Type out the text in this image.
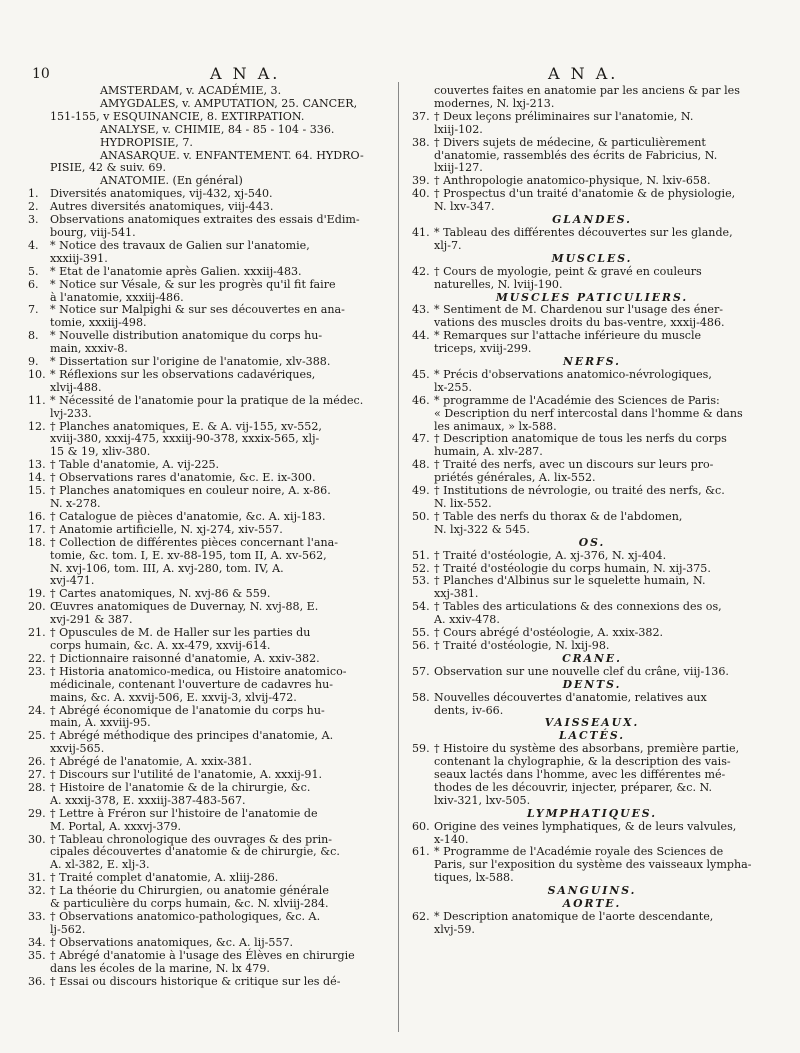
10	A N A.	A N A.
AMSTERDAM, v. ACADÉMIE, 3.
AMYGDALES, v. AMPUTATION, 25. CANCER,
151-155, v ESQUINANCIE, 8. EXTIRPATION.
ANALYSE, v. CHIMIE, 84 - 85 - 104 - 336.
HYDROPISIE, 7.
ANASARQUE. v. ENFANTEMENT. 64. HYDRO-
PISIE, 42 & suiv. 69.
ANATOMIE. (En général)
1.	Diversités anatomiques, vij-432, xj-540.
2.	Autres diversités anatomiques, viij-443.
3.	Observations anatomiques extraites des essais d'Edim-
bourg, viij-541.
4.	* Notice des travaux de Galien sur l'anatomie,
xxxiij-391.
5.	* Etat de l'anatomie après Galien. xxxiij-483.
6.	* Notice sur Vésale, & sur les progrès qu'il fit faire
à l'anatomie, xxxiij-486.
7.	* Notice sur Malpighi & sur ses découvertes en ana-
tomie, xxxiij-498.
8.	* Nouvelle distribution anatomique du corps hu-
main, xxxiv-8.
9.	* Dissertation sur l'origine de l'anatomie, xlv-388.
10. * Réflexions sur les observations cadavériques,
xlvij-488.
11. * Nécessité de l'anatomie pour la pratique de la médec.
lvj-233.
12. † Planches anatomiques, E. & A. vij-155, xv-552,
xviij-380, xxxij-475, xxxiij-90-378, xxxix-565, xlj-
15 & 19, xliv-380.
13. † Table d'anatomie, A. vij-225.
14. † Observations rares d'anatomie, &c. E. ix-300.
15. † Planches anatomiques en couleur noire, A. x-86.
N. x-278.
16. † Catalogue de pièces d'anatomie, &c. A. xij-183.
17. † Anatomie artificielle, N. xj-274, xiv-557.
18. † Collection de différentes pièces concernant l'ana-
tomie, &c. tom. I, E. xv-88-195, tom II, A. xv-562,
N. xvj-106, tom. III, A. xvj-280, tom. IV, A.
xvj-471.
19. † Cartes anatomiques, N. xvj-86 & 559.
20. Œuvres anatomiques de Duvernay, N. xvj-88, E.
xvj-291 & 387.
21. † Opuscules de M. de Haller sur les parties du
corps humain, &c. A. xx-479, xxvij-614.
22. † Dictionnaire raisonné d'anatomie, A. xxiv-382.
23. † Historia anatomico-medica, ou Histoire anatomico-
médicinale, contenant l'ouverture de cadavres hu-
mains, &c. A. xxvij-506, E. xxvij-3, xlvij-472.
24. † Abrégé économique de l'anatomie du corps hu-
main, A. xxviij-95.
25. † Abrégé méthodique des principes d'anatomie, A.
xxvij-565.
26. † Abrégé de l'anatomie, A. xxix-381.
27. † Discours sur l'utilité de l'anatomie, A. xxxij-91.
28. † Histoire de l'anatomie & de la chirurgie, &c.
A. xxxij-378, E. xxxiij-387-483-567.
29. † Lettre à Fréron sur l'histoire de l'anatomie de
M. Portal, A. xxxvj-379.
30. † Tableau chronologique des ouvrages & des prin-
cipales découvertes d'anatomie & de chirurgie, &c.
A. xl-382, E. xlj-3.
31. † Traité complet d'anatomie, A. xliij-286.
32. † La théorie du Chirurgien, ou anatomie générale
& particulière du corps humain, &c. N. xlviij-284.
33. † Observations anatomico-pathologiques, &c. A.
lj-562.
34. † Observations anatomiques, &c. A. lij-557.
35. † Abrégé d'anatomie à l'usage des Élèves en chirurgie
dans les écoles de la marine, N. lx 479.
36. † Essai ou discours historique & critique sur les dé-
couvertes faites en anatomie par les anciens & par les
modernes, N. lxj-213.
37. † Deux leçons préliminaires sur l'anatomie, N.
lxiij-102.
38. † Divers sujets de médecine, & particulièrement
d'anatomie, rassemblés des écrits de Fabricius, N.
lxiij-127.
39. † Anthropologie anatomico-physique, N. lxiv-658.
40. † Prospectus d'un traité d'anatomie & de physiologie,
N. lxv-347.
GLANDES.
41. * Tableau des différentes découvertes sur les glande,
xlj-7.
MUSCLES.
42. † Cours de myologie, peint & gravé en couleurs
naturelles, N. lviij-190.
MUSCLES PATICULIERS.
43. * Sentiment de M. Chardenou sur l'usage des éner-
vations des muscles droits du bas-ventre, xxxij-486.
44. * Remarques sur l'attache inférieure du muscle
triceps, xviij-299.
NERFS.
45. * Précis d'observations anatomico-névrologiques,
lx-255.
46. * programme de l'Académie des Sciences de Paris:
« Description du nerf intercostal dans l'homme & dans
les animaux, » lx-588.
47. † Description anatomique de tous les nerfs du corps
humain, A. xlv-287.
48. † Traité des nerfs, avec un discours sur leurs pro-
priétés générales, A. lix-552.
49. † Institutions de névrologie, ou traité des nerfs, &c.
N. lix-552.
50. † Table des nerfs du thorax & de l'abdomen,
N. lxj-322 & 545.
OS.
51. † Traité d'ostéologie, A. xj-376, N. xj-404.
52. † Traité d'ostéologie du corps humain, N. xij-375.
53. † Planches d'Albinus sur le squelette humain, N.
xxj-381.
54. † Tables des articulations & des connexions des os,
A. xxiv-478.
55. † Cours abrégé d'ostéologie, A. xxix-382.
56. † Traité d'ostéologie, N. lxij-98.
CRANE.
57. Observation sur une nouvelle clef du crâne, viij-136.
DENTS.
58. Nouvelles découvertes d'anatomie, relatives aux
dents, iv-66.
VAISSEAUX.
LACTÉS.
59. † Histoire du système des absorbans, première partie,
contenant la chylographie, & la description des vais-
seaux lactés dans l'homme, avec les différentes mé-
thodes de les découvrir, injecter, préparer, &c. N.
lxiv-321, lxv-505.
LYMPHATIQUES.
60. Origine des veines lymphatiques, & de leurs valvules,
x-140.
61. * Programme de l'Académie royale des Sciences de
Paris, sur l'exposition du système des vaisseaux lympha-
tiques, lx-588.
SANGUINS.
AORTE.
62. * Description anatomique de l'aorte descendante,
xlvj-59.
